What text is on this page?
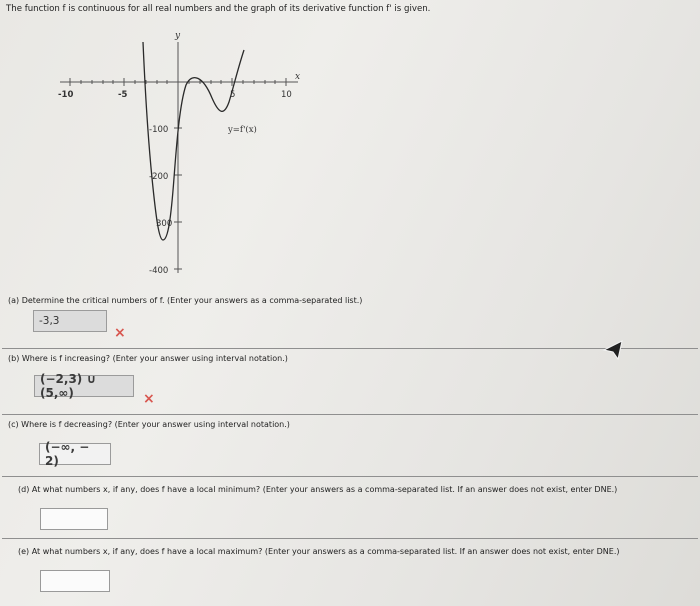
The function f is continuous for all real numbers and the graph of its derivative function f' is given.
-10	-5	5	10
-100
-200
300
-400
y
x
y=f'(x)
(a) Determine the critical numbers of f. (Enter your answers as a comma-separated list.)
-3,3
×
(b) Where is f increasing? (Enter your answer using interval notation.)
(−2,3) ∪ (5,∞)	×
(c) Where is f decreasing? (Enter your answer using interval notation.)
(−∞, − 2)
(d) At what numbers x, if any, does f have a local minimum? (Enter your answers as a comma-separated list. If an answer does not exist, enter DNE.)
(e) At what numbers x, if any, does f have a local maximum? (Enter your answers as a comma-separated list. If an answer does not exist, enter DNE.)
